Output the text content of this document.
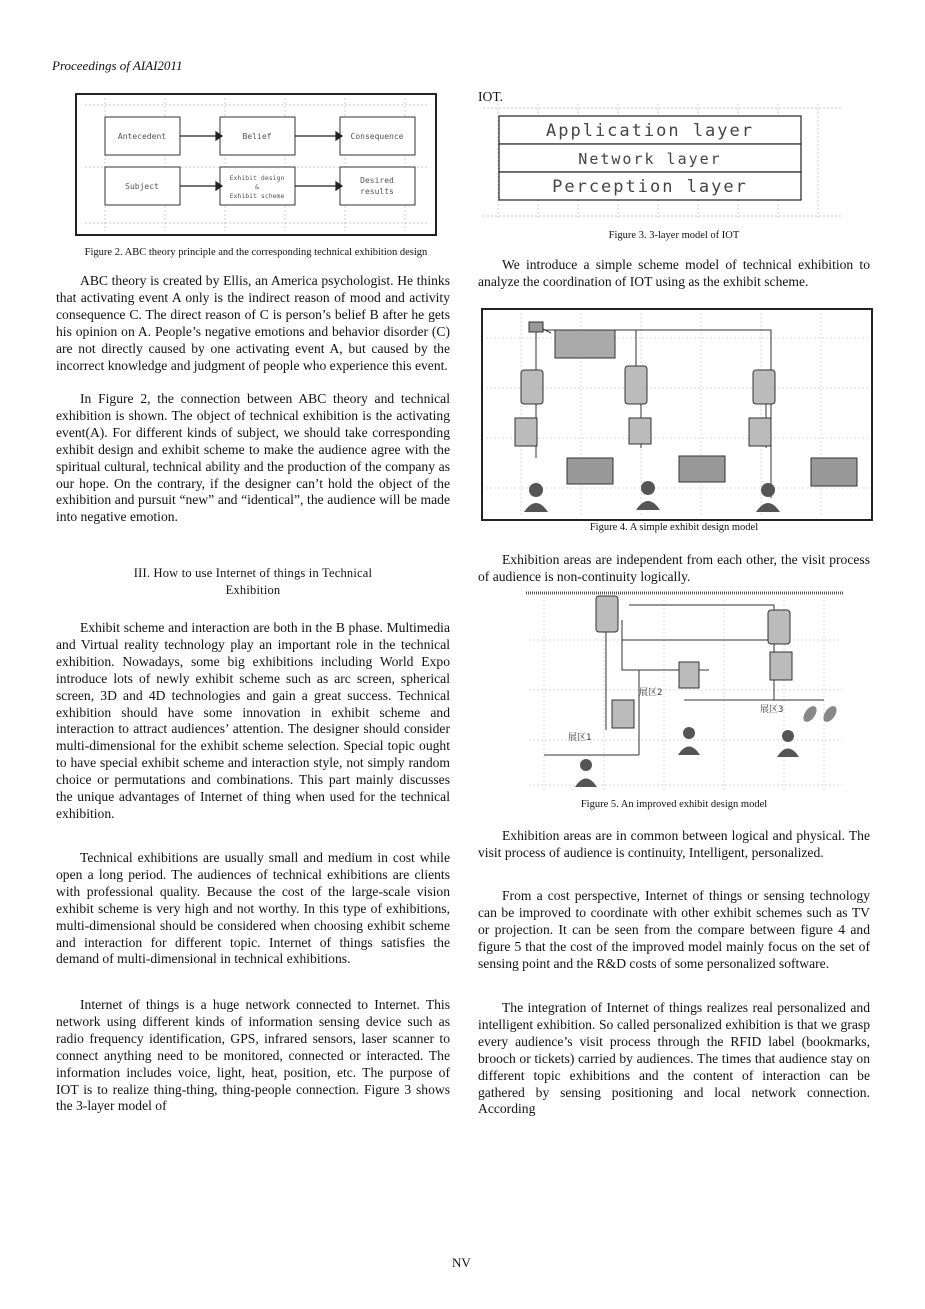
Proceedings of AIAI2011
Antecedent	Belief	Consequence
Subject
Exhibit design
&
Exhibit scheme
Desired
results
Figure 2. ABC theory principle and the corresponding technical exhibition design
ABC theory is created by Ellis, an America psychologist. He thinks that activating event A only is the indirect reason of mood and activity consequence C. The direct reason of C is person’s belief B after he gets his opinion on A. People’s negative emotions and behavior disorder (C) are not directly caused by one activating event A, but caused by the incorrect knowledge and judgment of people who experience this event.
In Figure 2, the connection between ABC theory and technical exhibition is shown. The object of technical exhibition is the activating event(A). For different kinds of subject, we should take corresponding exhibit design and exhibit scheme to make the audience agree with the spiritual cultural, technical ability and the production of the company as our hope. On the contrary, if the designer can’t hold the object of the exhibition and pursuit “new” and “identical”, the audience will be made into negative emotion.
III. How to use Internet of things in Technical
Exhibition
Exhibit scheme and interaction are both in the B phase. Multimedia and Virtual reality technology play an important role in the technical exhibition. Nowadays, some big exhibitions including World Expo introduce lots of newly exhibit scheme such as arc screen, spherical screen, 3D and 4D technologies and gain a great success. Technical exhibition should have some innovation in exhibit scheme and interaction to attract audiences’ attention. The designer should consider multi-dimensional for the exhibit scheme selection. Special topic ought to have special exhibit scheme and interaction style, not simply random choice or permutations and combinations. This part mainly discusses the unique advantages of Internet of thing when used for the technical exhibition.
Technical exhibitions are usually small and medium in cost while open a long period. The audiences of technical exhibitions are clients with professional quality. Because the cost of the large-scale vision exhibit scheme is very high and not worthy. In this type of exhibitions, multi-dimensional should be considered when choosing exhibit scheme and interaction for different topic. Internet of things satisfies the demand of multi-dimensional in technical exhibitions.
Internet of things is a huge network connected to Internet. This network using different kinds of information sensing device such as radio frequency identification, GPS, infrared sensors, laser scanner to connect anything need to be monitored, connected or interacted. The information includes voice, light, heat, position, etc. The purpose of IOT is to realize thing-thing, thing-people connection. Figure 3 shows the 3-layer model of
IOT.
Application layer
Network layer
Perception layer
Figure 3. 3-layer model of IOT
We introduce a simple scheme model of technical exhibition to analyze the coordination of IOT using as the exhibit scheme.
Figure 4. A simple exhibit design model
Exhibition areas are independent from each other, the visit process of audience is non-continuity logically.
展区2
展区3
展区1
Figure 5. An improved exhibit design model
Exhibition areas are in common between logical and physical. The visit process of audience is continuity, Intelligent, personalized.
From a cost perspective, Internet of things or sensing technology can be improved to coordinate with other exhibit schemes such as TV or projection. It can be seen from the compare between figure 4 and figure 5 that the cost of the improved model mainly focus on the set of sensing point and the R&D costs of some personalized software.
The integration of Internet of things realizes real personalized and intelligent exhibition. So called personalized exhibition is that we grasp every audience’s visit process through the RFID label (bookmarks, brooch or tickets) carried by audiences. The times that audience stay on different topic exhibitions and the content of interaction can be gathered by sensing positioning and local network connection. According
NV
